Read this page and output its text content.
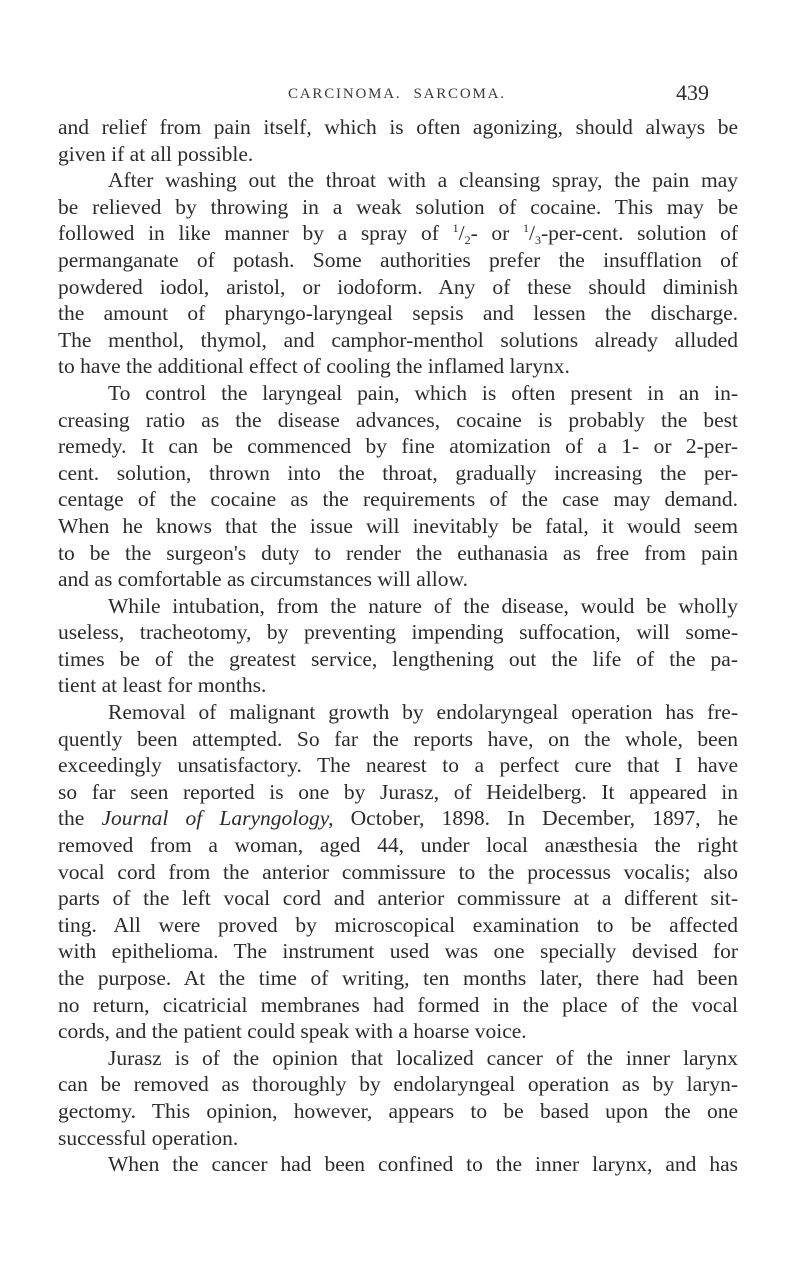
CARCINOMA. SARCOMA.	439
and relief from pain itself, which is often agonizing, should always be
given if at all possible.
After washing out the throat with a cleansing spray, the pain may
be relieved by throwing in a weak solution of cocaine. This may be
followed in like manner by a spray of $^1/_2-$ or $^1/_3-per$-cent. solution of
permanganate of potash. Some authorities prefer the insufflation of
powdered iodol, aristol, or iodoform. Any of these should diminish
the amount of pharyngo-laryngeal sepsis and lessen the discharge.
The menthol, thymol, and camphor-menthol solutions already alluded
to have the additional effect of cooling the inflamed larynx.
To control the laryngeal pain, which is often present in an in-
creasing ratio as the disease advances, cocaine is probably the best
remedy. It can be commenced by fine atomization of a 1- or 2-per-
cent. solution, thrown into the throat, gradually increasing the per-
centage of the cocaine as the requirements of the case may demand.
When he knows that the issue will inevitably be fatal, it would seem
to be the surgeon's duty to render the euthanasia as free from pain
and as comfortable as circumstances will allow.
While intubation, from the nature of the disease, would be wholly
useless, tracheotomy, by preventing impending suffocation, will some-
times be of the greatest service, lengthening out the life of the pa-
tient at least for months.
Removal of malignant growth by endolaryngeal operation has fre-
quently been attempted. So far the reports have, on the whole, been
exceedingly unsatisfactory. The nearest to a perfect cure that I have
so far seen reported is one by Jurasz, of Heidelberg. It appeared in
the Journal of Laryngology, October, 1898. In December, 1897, he
removed from a woman, aged 44, under local anæsthesia the right
vocal cord from the anterior commissure to the processus vocalis; also
parts of the left vocal cord and anterior commissure at a different sit-
ting. All were proved by microscopical examination to be affected
with epithelioma. The instrument used was one specially devised for
the purpose. At the time of writing, ten months later, there had been
no return, cicatricial membranes had formed in the place of the vocal
cords, and the patient could speak with a hoarse voice.
Jurasz is of the opinion that localized cancer of the inner larynx
can be removed as thoroughly by endolaryngeal operation as by laryn-
gectomy. This opinion, however, appears to be based upon the one
successful operation.
When the cancer had been confined to the inner larynx, and has
